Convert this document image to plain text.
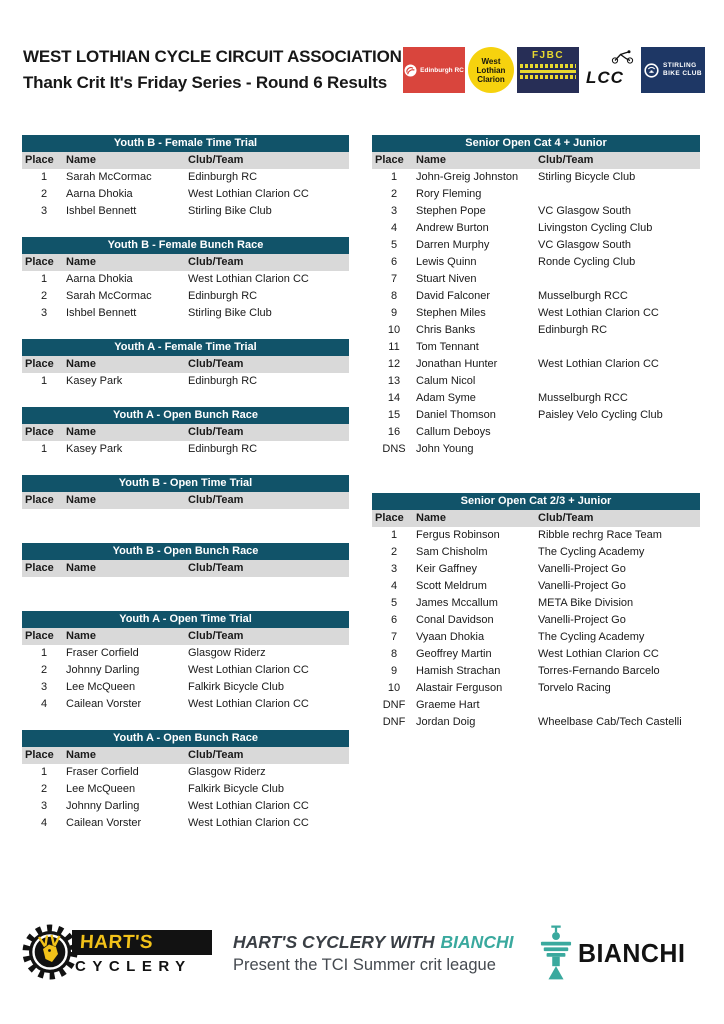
WEST LOTHIAN CYCLE CIRCUIT ASSOCIATION
Thank Crit It's Friday Series - Round 6 Results
Edinburgh RC
West
Lothian
Clarion
FJBC
LCC
STIRLING
BIKE CLUB
Youth B - Female Time Trial
Place	Name	Club/Team
1	Sarah McCormac	Edinburgh RC
2	Aarna Dhokia	West Lothian Clarion CC
3	Ishbel Bennett	Stirling Bike Club
Youth B - Female Bunch Race
Place	Name	Club/Team
1	Aarna Dhokia	West Lothian Clarion CC
2	Sarah McCormac	Edinburgh RC
3	Ishbel Bennett	Stirling Bike Club
Youth A - Female Time Trial
Place	Name	Club/Team
1	Kasey Park	Edinburgh RC
Youth A - Open Bunch Race
Place	Name	Club/Team
1	Kasey Park	Edinburgh RC
Youth B - Open Time Trial
Place	Name	Club/Team
Youth B - Open Bunch Race
Place	Name	Club/Team
Youth A - Open Time Trial
Place	Name	Club/Team
1	Fraser Corfield	Glasgow Riderz
2	Johnny Darling	West Lothian Clarion CC
3	Lee McQueen	Falkirk Bicycle Club
4	Cailean Vorster	West Lothian Clarion CC
Youth A - Open Bunch Race
Place	Name	Club/Team
1	Fraser Corfield	Glasgow Riderz
2	Lee McQueen	Falkirk Bicycle Club
3	Johnny Darling	West Lothian Clarion CC
4	Cailean Vorster	West Lothian Clarion CC
Senior Open Cat 4 + Junior
Place	Name	Club/Team
1	John-Greig Johnston	Stirling Bicycle Club
2	Rory Fleming
3	Stephen Pope	VC Glasgow South
4	Andrew Burton	Livingston Cycling Club
5	Darren Murphy	VC Glasgow South
6	Lewis Quinn	Ronde Cycling Club
7	Stuart Niven
8	David Falconer	Musselburgh RCC
9	Stephen Miles	West Lothian Clarion CC
10	Chris Banks	Edinburgh RC
11	Tom Tennant
12	Jonathan Hunter	West Lothian Clarion CC
13	Calum Nicol
14	Adam Syme	Musselburgh RCC
15	Daniel Thomson	Paisley Velo Cycling Club
16	Callum Deboys
DNS John Young
Senior Open Cat 2/3 + Junior
Place	Name	Club/Team
1	Fergus Robinson	Ribble rechrg Race Team
2	Sam Chisholm	The Cycling Academy
3	Keir Gaffney	Vanelli-Project Go
4	Scott Meldrum	Vanelli-Project Go
5	James Mccallum	META Bike Division
6	Conal Davidson	Vanelli-Project Go
7	Vyaan Dhokia	The Cycling Academy
8	Geoffrey Martin	West Lothian Clarion CC
9	Hamish Strachan	Torres-Fernando Barcelo
10	Alastair Ferguson	Torvelo Racing
DNF Graeme Hart
DNF Jordan Doig	Wheelbase Cab/Tech Castelli
HART'S
CYCLERY
HART'S CYCLERY WITH BIANCHI
Present the TCI Summer crit league	BIANCHI
